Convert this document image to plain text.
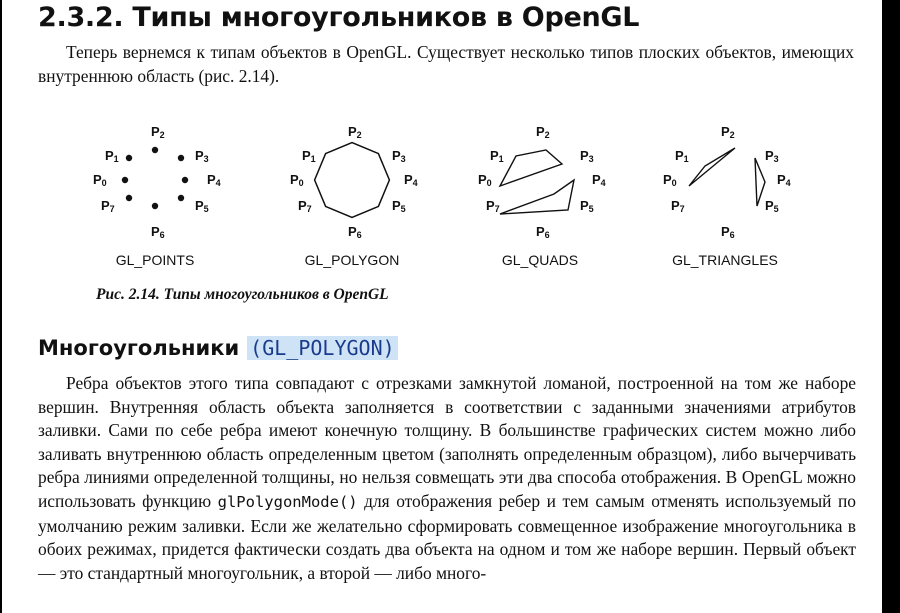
2.3.2. Типы многоугольников в OpenGL

Теперь вернемся к типам объектов в OpenGL. Существует несколько типов плоских объектов, имеющих внутреннюю область (рис. 2.14).

P0
P1
P2
P3
P4
P5
P6
P7
GL_POINTS
P0
P1
P2
P3
P4
P5
P6
P7
GL_POLYGON
P0
P1
P2
P3
P4
P5
P6
P7
GL_QUADS
P0
P1
P2
P3
P4
P5
P6
P7
GL_TRIANGLES

Рис. 2.14. Типы многоугольников в OpenGL

Многоугольники (GL_POLYGON)

Ребра объектов этого типа совпадают с отрезками замкнутой ломаной, построенной на том же наборе вершин. Внутренняя область объекта заполняется в соответствии с заданными значениями атрибутов заливки. Сами по себе ребра имеют конечную толщину. В большинстве графических систем можно либо заливать внутреннюю область определенным цветом (заполнять определенным образцом), либо вычерчивать ребра линиями определенной толщины, но нельзя совмещать эти два способа отображения. В OpenGL можно использовать функцию glPolygonMode() для отображения ребер и тем самым отменять используемый по умолчанию режим заливки. Если же желательно сформировать совмещенное изображение многоугольника в обоих режимах, придется фактически создать два объекта на одном и том же наборе вершин. Первый объект — это стандартный многоугольник, а второй — либо много-
